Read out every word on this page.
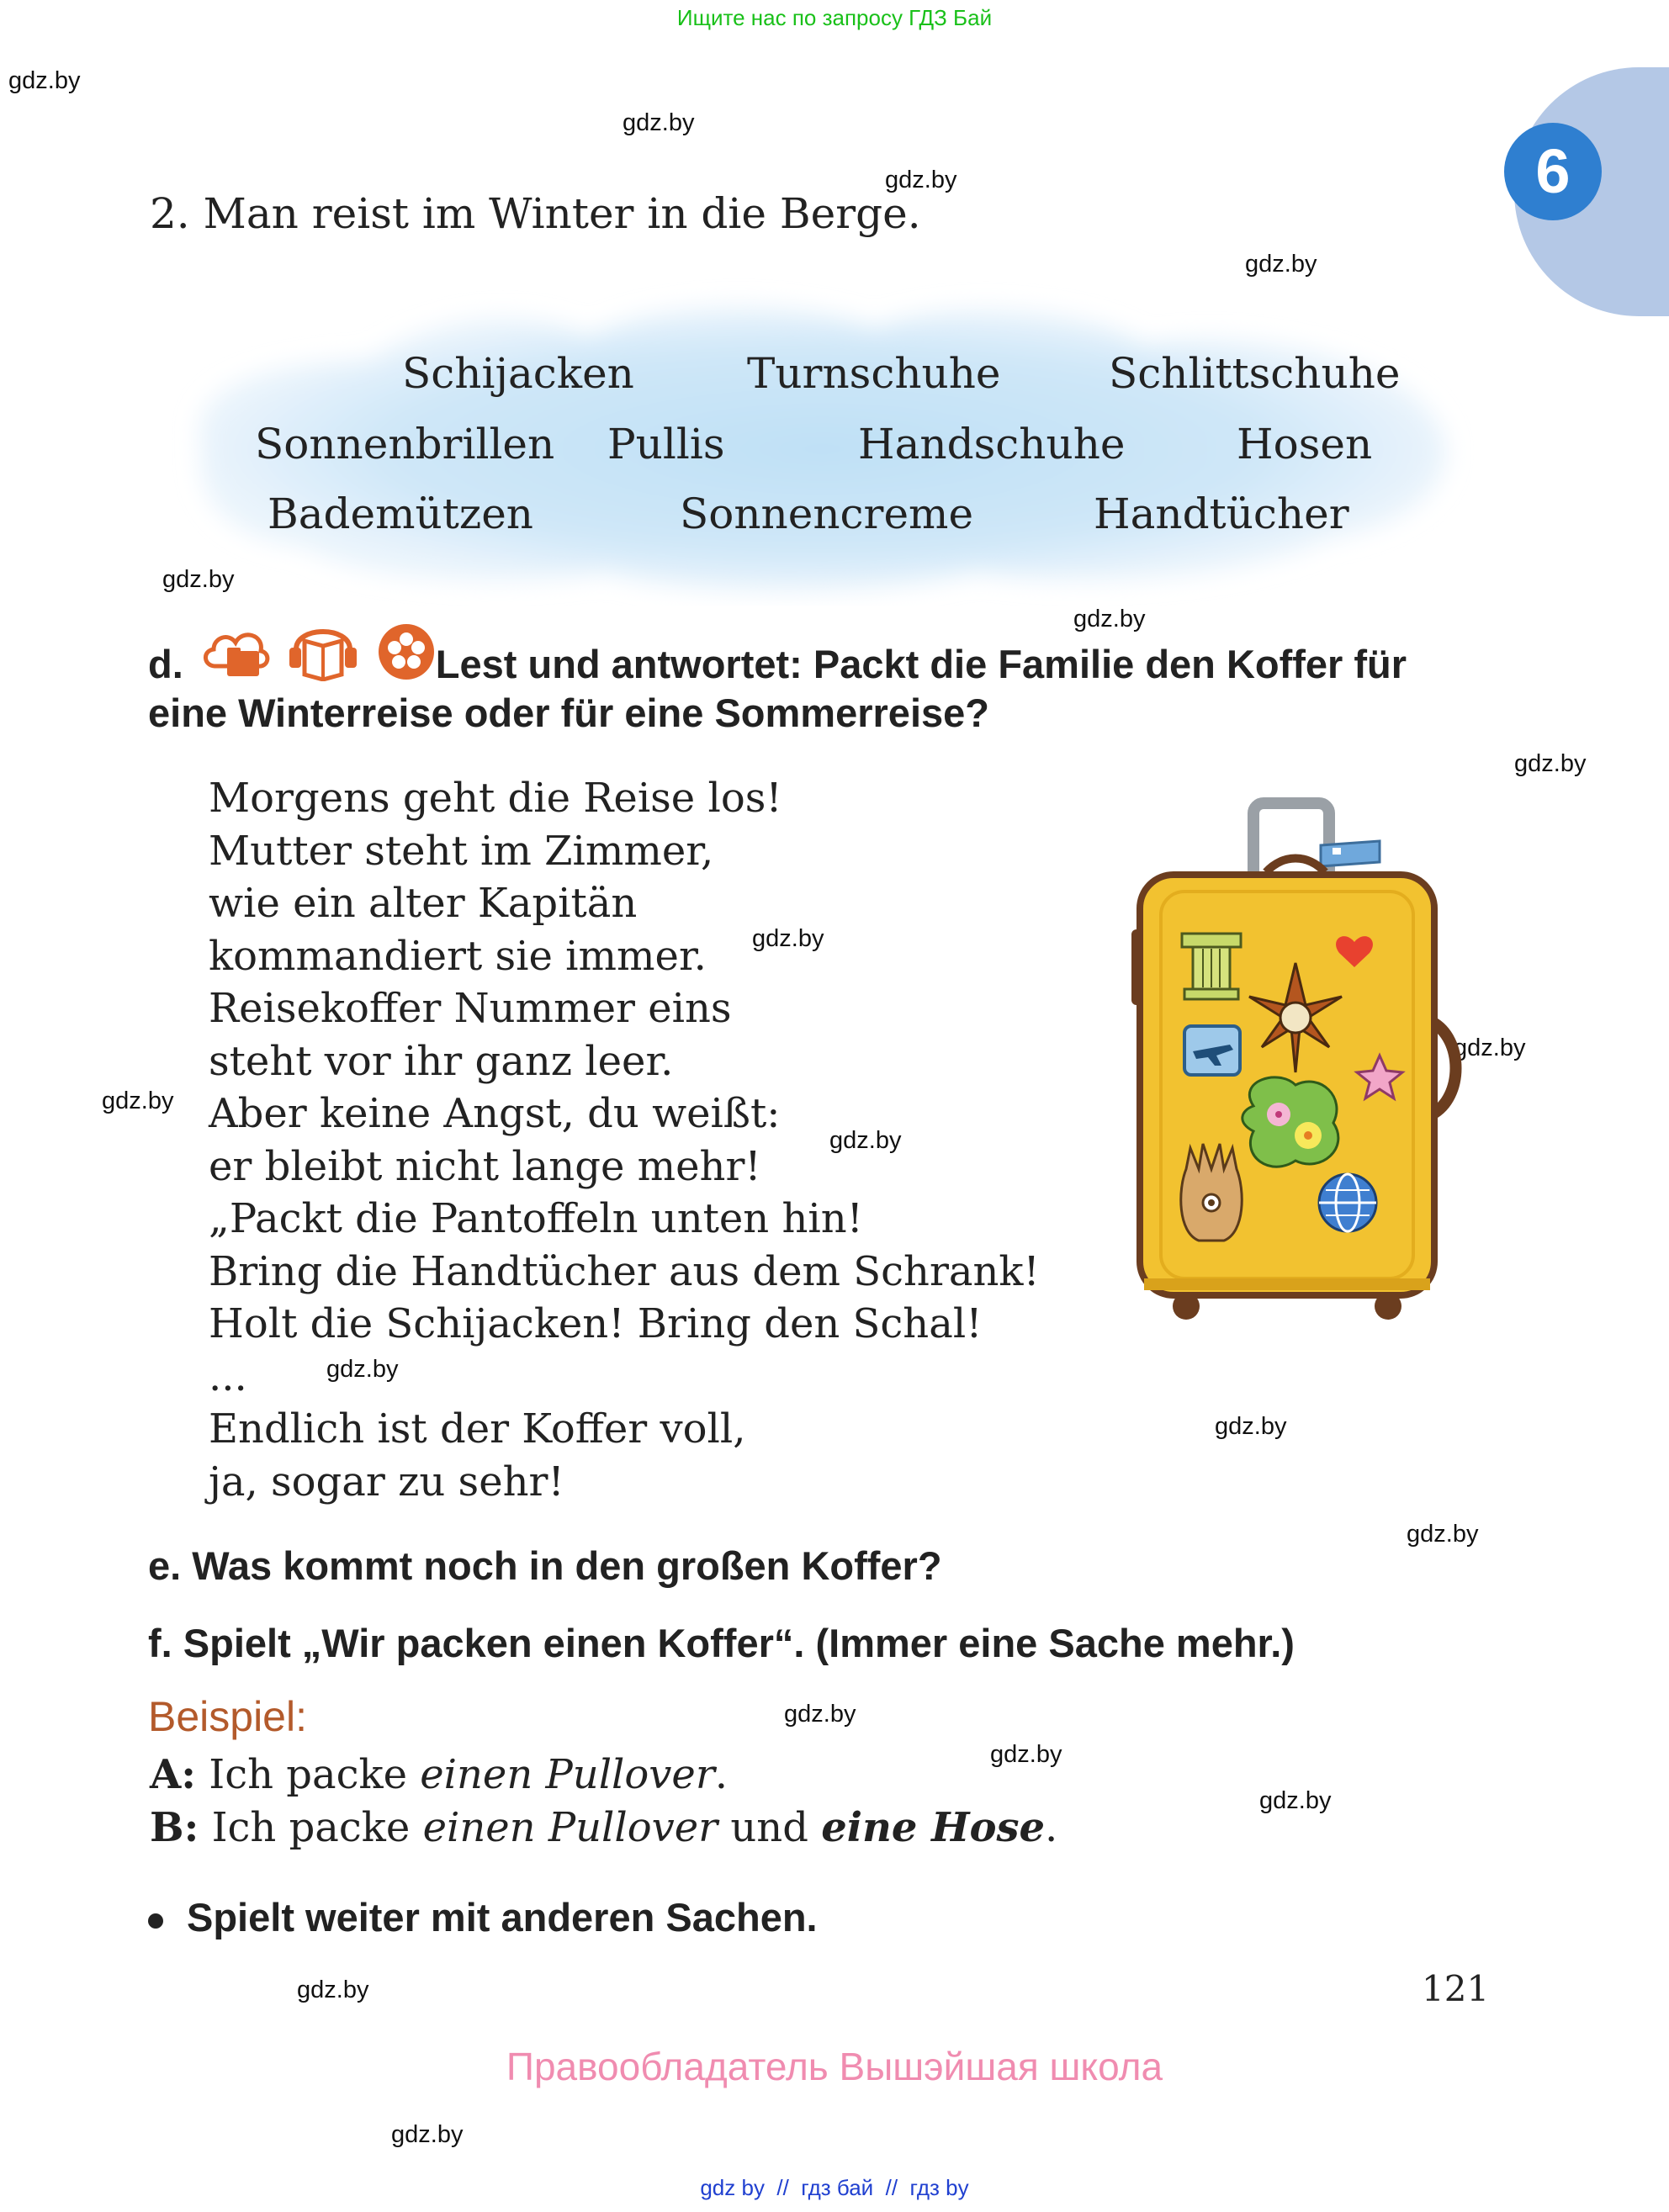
Ищите нас по запросу ГДЗ Бай
gdz.by
gdz.by
gdz.by
gdz.by
gdz.by
gdz.by
gdz.by
gdz.by
gdz.by
gdz.by
gdz.by
gdz.by
gdz.by
gdz.by
gdz.by
gdz.by
gdz.by
gdz.by
gdz.by
6
2. Man reist im Winter in die Berge.
Schijacken	Turnschuhe	Schlittschuhe
Sonnenbrillen Pullis	Handschuhe	Hosen
Bademützen	Sonnencreme	Handtücher
d.	Lest und antwortet: Packt die Familie den Koffer für
eine Winterreise oder für eine Sommerreise?
Morgens geht die Reise los!
Mutter steht im Zimmer,
wie ein alter Kapitän
kommandiert sie immer.
Reisekoffer Nummer eins
steht vor ihr ganz leer.
Aber keine Angst, du weißt:
er bleibt nicht lange mehr!
„Packt die Pantoffeln unten hin!
Bring die Handtücher aus dem Schrank!
Holt die Schijacken! Bring den Schal!
...
Endlich ist der Koffer voll,
ja, sogar zu sehr!
e. Was kommt noch in den großen Koffer?
f. Spielt „Wir packen einen Koffer“. (Immer eine Sache mehr.)
Beispiel:
A: Ich packe einen Pullover.
B: Ich packe einen Pullover und eine Hose.
Spielt weiter mit anderen Sachen.
121
Правообладатель Вышэйшая школа
gdz by  //  гдз бай  //  гдз by
